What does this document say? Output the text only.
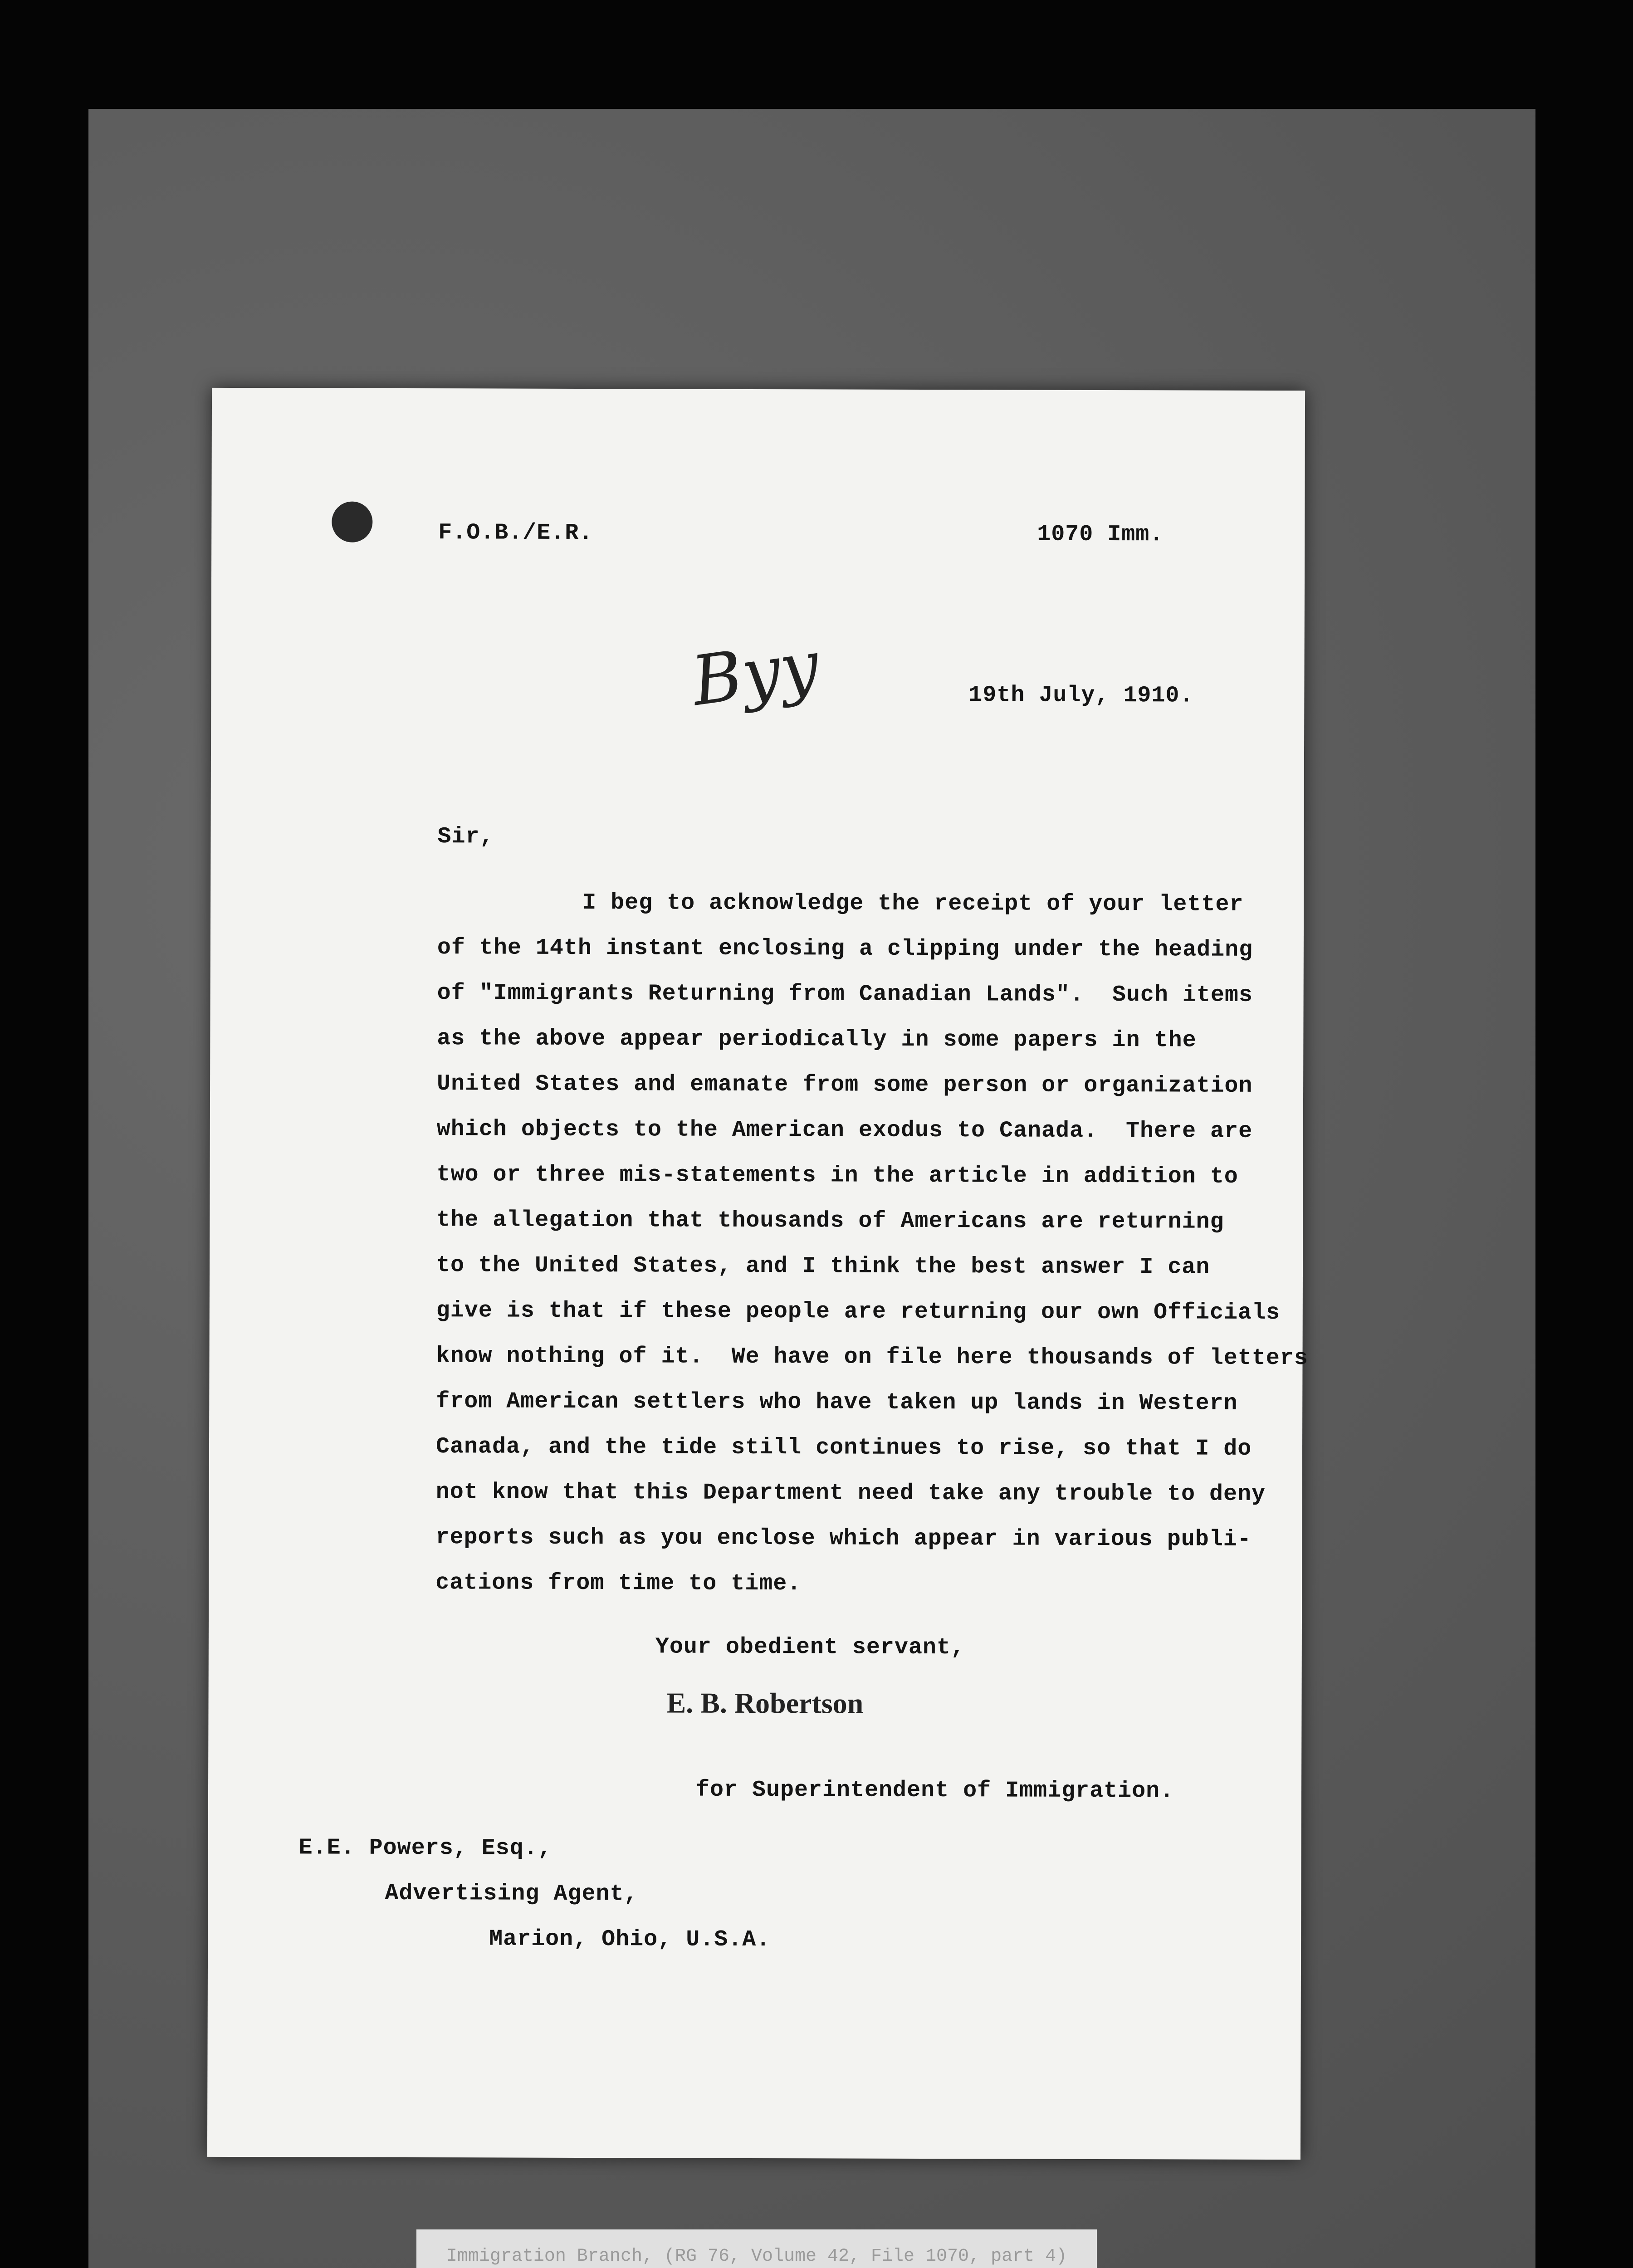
F.O.B./E.R.	1070 Imm.
Byy	19th July, 1910.
Sir,
I beg to acknowledge the receipt of your letter
of the 14th instant enclosing a clipping under the heading
of "Immigrants Returning from Canadian Lands".  Such items
as the above appear periodically in some papers in the
United States and emanate from some person or organization
which objects to the American exodus to Canada.  There are
two or three mis-statements in the article in addition to
the allegation that thousands of Americans are returning
to the United States, and I think the best answer I can
give is that if these people are returning our own Officials
know nothing of it.  We have on file here thousands of letters
from American settlers who have taken up lands in Western
Canada, and the tide still continues to rise, so that I do
not know that this Department need take any trouble to deny
reports such as you enclose which appear in various publi-
cations from time to time.
Your obedient servant,
E. B. Robertson
for Superintendent of Immigration.
E.E. Powers, Esq.,
Advertising Agent,
Marion, Ohio, U.S.A.
Immigration Branch, (RG 76, Volume 42, File 1070, part 4)
